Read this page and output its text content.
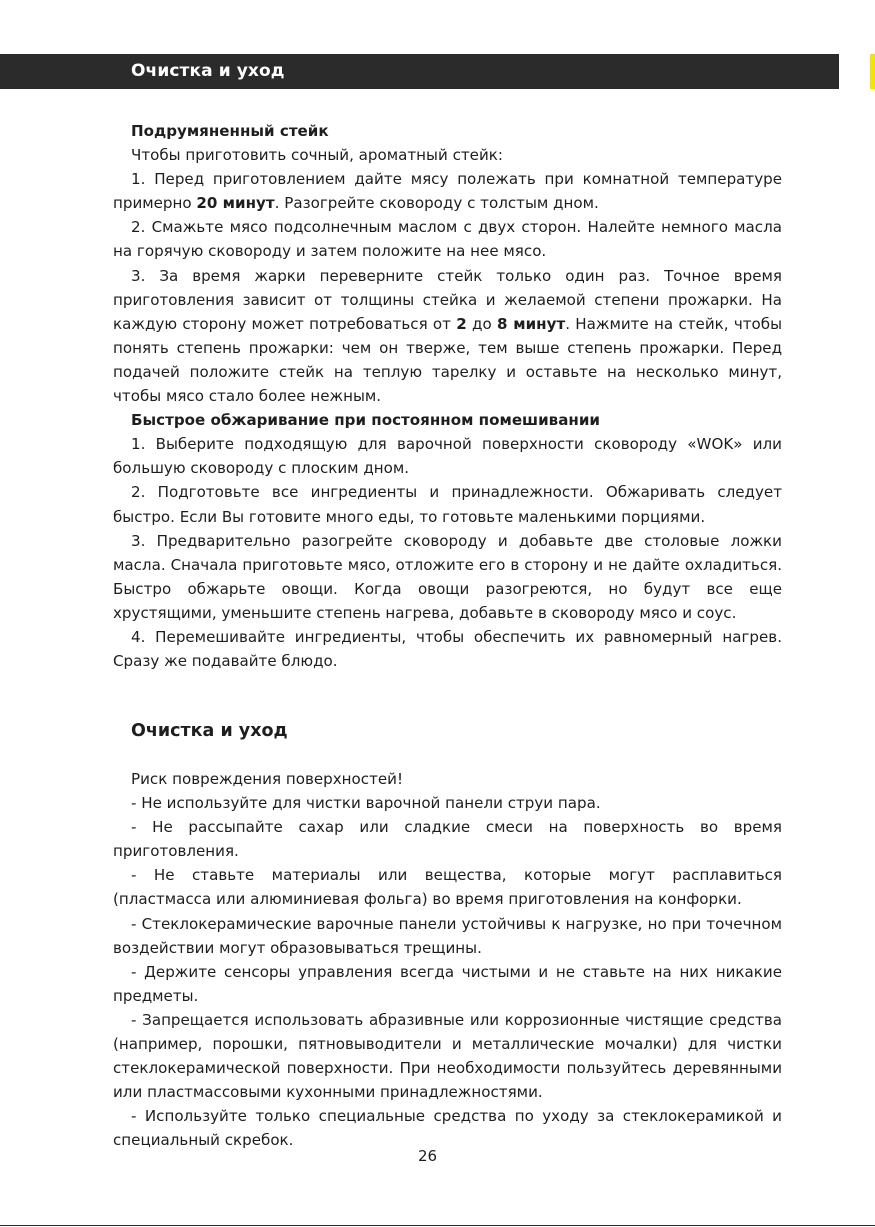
Очистка и уход

Подрумяненный стейк

Чтобы приготовить сочный, ароматный стейк:

1. Перед приготовлением дайте мясу полежать при комнатной температуре примерно 20 минут. Разогрейте сковороду с толстым дном.

2. Смажьте мясо подсолнечным маслом с двух сторон. Налейте немного масла на горячую сковороду и затем положите на нее мясо.

3. За время жарки переверните стейк только один раз. Точное время приготовления зависит от толщины стейка и желаемой степени прожарки. На каждую сторону может потребоваться от 2 до 8 минут. Нажмите на стейк, чтобы понять степень прожарки: чем он тверже, тем выше степень прожарки. Перед подачей положите стейк на теплую тарелку и оставьте на несколько минут, чтобы мясо стало более нежным.

Быстрое обжаривание при постоянном помешивании

1. Выберите подходящую для варочной поверхности сковороду «WOK» или большую сковороду с плоским дном.

2. Подготовьте все ингредиенты и принадлежности. Обжаривать следует быстро. Если Вы готовите много еды, то готовьте маленькими порциями.

3. Предварительно разогрейте сковороду и добавьте две столовые ложки масла. Сначала приготовьте мясо, отложите его в сторону и не дайте охладиться. Быстро обжарьте овощи. Когда овощи разогреются, но будут все еще хрустящими, уменьшите степень нагрева, добавьте в сковороду мясо и соус.

4. Перемешивайте ингредиенты, чтобы обеспечить их равномерный нагрев. Сразу же подавайте блюдо.

Очистка и уход

Риск повреждения поверхностей!

- Не используйте для чистки варочной панели струи пара.

- Не рассыпайте сахар или сладкие смеси на поверхность во время приготовления.

- Не ставьте материалы или вещества, которые могут расплавиться (пластмасса или алюминиевая фольга) во время приготовления на конфорки.

- Стеклокерамические варочные панели устойчивы к нагрузке, но при точечном воздействии могут образовываться трещины.

- Держите сенсоры управления всегда чистыми и не ставьте на них никакие предметы.

- Запрещается использовать абразивные или коррозионные чистящие средства (например, порошки, пятновыводители и металлические мочалки) для чистки стеклокерамической поверхности. При необходимости пользуйтесь деревянными или пластмассовыми кухонными принадлежностями.

- Используйте только специальные средства по уходу за стеклокерамикой и специальный скребок.

26
